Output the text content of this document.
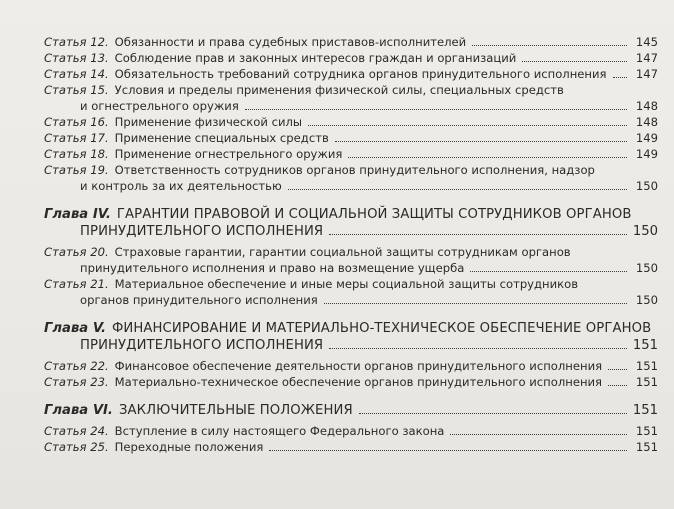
Статья 12. Обязанности и права судебных приставов-исполнителей	145
Статья 13. Соблюдение прав и законных интересов граждан и организаций	147
Статья 14. Обязательность требований сотрудника органов принудительного исполнения	147
Статья 15. Условия и пределы применения физической силы, специальных средств
и огнестрельного оружия	148
Статья 16. Применение физической силы	148
Статья 17. Применение специальных средств	149
Статья 18. Применение огнестрельного оружия	149
Статья 19. Ответственность сотрудников органов принудительного исполнения, надзор
и контроль за их деятельностью	150
Глава IV. ГАРАНТИИ ПРАВОВОЙ И СОЦИАЛЬНОЙ ЗАЩИТЫ СОТРУДНИКОВ ОРГАНОВ
ПРИНУДИТЕЛЬНОГО ИСПОЛНЕНИЯ	150
Статья 20. Страховые гарантии, гарантии социальной защиты сотрудникам органов
принудительного исполнения и право на возмещение ущерба	150
Статья 21. Материальное обеспечение и иные меры социальной защиты сотрудников
органов принудительного исполнения	150
Глава V. ФИНАНСИРОВАНИЕ И МАТЕРИАЛЬНО-ТЕХНИЧЕСКОЕ ОБЕСПЕЧЕНИЕ ОРГАНОВ
ПРИНУДИТЕЛЬНОГО ИСПОЛНЕНИЯ	151
Статья 22. Финансовое обеспечение деятельности органов принудительного исполнения	151
Статья 23. Материально-техническое обеспечение органов принудительного исполнения	151
Глава VI. ЗАКЛЮЧИТЕЛЬНЫЕ ПОЛОЖЕНИЯ	151
Статья 24. Вступление в силу настоящего Федерального закона	151
Статья 25. Переходные положения	151
